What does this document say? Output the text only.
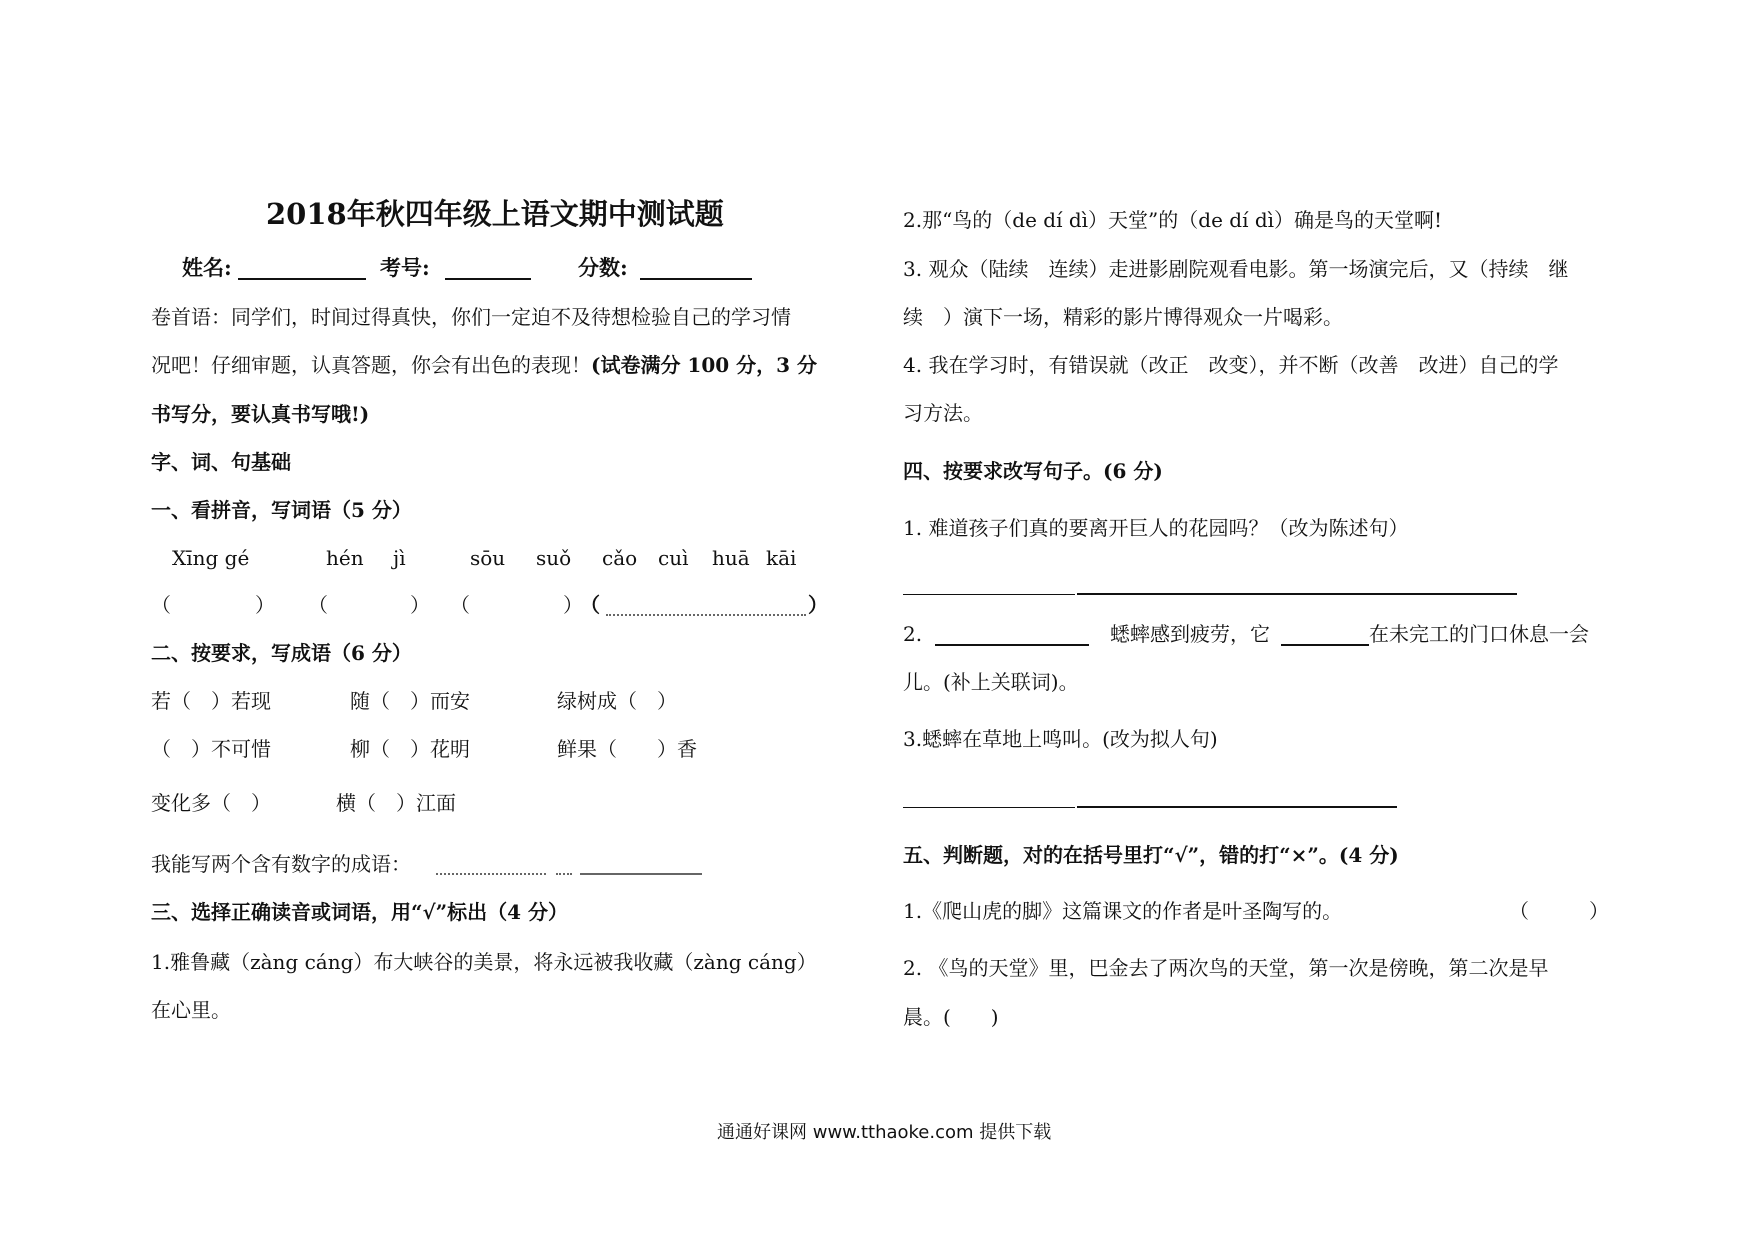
2018年秋四年级上语文期中测试题
姓名:	考号:	分数:
卷首语：同学们，时间过得真快，你们一定迫不及待想检验自己的学习情
况吧！仔细审题，认真答题，你会有出色的表现！(试卷满分 100 分，3 分
书写分，要认真书写哦!)
字、词、句基础
一、看拼音，写词语（5 分）
Xīng gé	hén jì	sōu suǒ cǎo cuì huā kāi
（	） （	） （	）
（	）
二、按要求，写成语（6 分）
若（　）若现	随（　）而安	绿树成（　）
（　）不可惜	柳（　）花明	鲜果（　　）香
变化多（　）	横（　）江面
我能写两个含有数字的成语：
三、选择正确读音或词语，用“√”标出（4 分）
1.雅鲁藏（zàng cáng）布大峡谷的美景，将永远被我收藏（zàng cáng）
在心里。
2.那“鸟的（de dí dì）天堂”的（de dí dì）确是鸟的天堂啊!
3. 观众（陆续　连续）走进影剧院观看电影。第一场演完后，又（持续　继
续　）演下一场，精彩的影片博得观众一片喝彩。
4. 我在学习时，有错误就（改正　改变），并不断（改善　改进）自己的学
习方法。
四、按要求改写句子。(6 分)
1. 难道孩子们真的要离开巨人的花园吗？（改为陈述句）
2.	蟋蟀感到疲劳，它	在未完工的门口休息一会
儿。(补上关联词)。
3.蟋蟀在草地上鸣叫。(改为拟人句)
五、判断题，对的在括号里打“√”，错的打“×”。(4 分)
1.《爬山虎的脚》这篇课文的作者是叶圣陶写的。	（　　　）
2. 《鸟的天堂》里，巴金去了两次鸟的天堂，第一次是傍晚，第二次是早
晨。(　　)
通通好课网 www.tthaoke.com 提供下载
